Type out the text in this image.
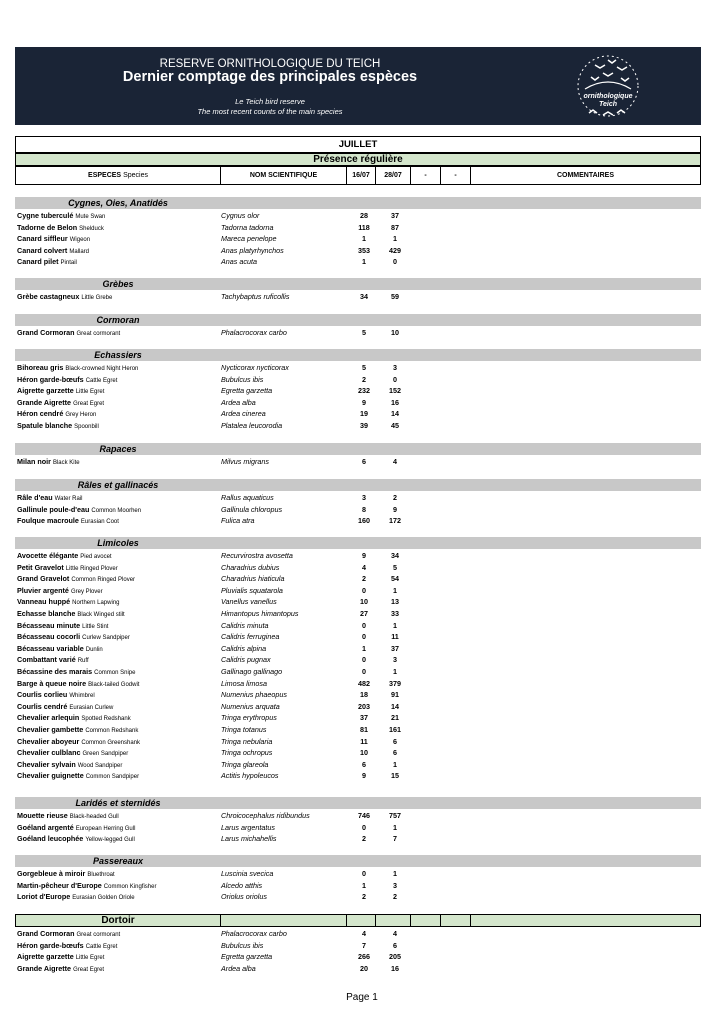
RESERVE ORNITHOLOGIQUE DU TEICH
Dernier comptage des principales espèces
Le Teich bird reserve
The most recent counts of the main species
ornithologique
Teich
JUILLET
Présence régulière
ESPECES Species	NOM SCIENTIFIQUE	16/07	28/07	-	-	COMMENTAIRES
Cygnes, Oies, Anatidés
Cygne tuberculé Mute Swan	Cygnus olor	28	37
Tadorne de Belon Shelduck	Tadorna tadorna	118	87
Canard siffleur Wigeon	Mareca penelope	1	1
Canard colvert Mallard	Anas platyrhynchos	353	429
Canard pilet Pintail	Anas acuta	1	0
Grèbes
Grèbe castagneux Little Grebe	Tachybaptus ruficollis	34	59
Cormoran
Grand Cormoran Great cormorant	Phalacrocorax carbo	5	10
Echassiers
Bihoreau gris Black-crowned Night Heron	Nycticorax nycticorax	5	3
Héron garde-bœufs Cattle Egret	Bubulcus ibis	2	0
Aigrette garzette Little Egret	Egretta garzetta	232	152
Grande Aigrette Great Egret	Ardea alba	9	16
Héron cendré Grey Heron	Ardea cinerea	19	14
Spatule blanche Spoonbill	Platalea leucorodia	39	45
Rapaces
Milan noir Black Kite	Milvus migrans	6	4
Râles et gallinacés
Râle d'eau Water Rail	Rallus aquaticus	3	2
Gallinule poule-d'eau Common Moorhen	Gallinula chloropus	8	9
Foulque macroule Eurasian Coot	Fulica atra	160	172
Limicoles
Avocette élégante Pied avocet	Recurvirostra avosetta	9	34
Petit Gravelot Little Ringed Plover	Charadrius dubius	4	5
Grand Gravelot Common Ringed Plover	Charadrius hiaticula	2	54
Pluvier argenté Grey Plover	Pluvialis squatarola	0	1
Vanneau huppé Northern Lapwing	Vanellus vanellus	10	13
Echasse blanche Black Winged stilt	Himantopus himantopus	27	33
Bécasseau minute Little Stint	Calidris minuta	0	1
Bécasseau cocorli Curlew Sandpiper	Calidris ferruginea	0	11
Bécasseau variable Dunlin	Calidris alpina	1	37
Combattant varié Ruff	Calidris pugnax	0	3
Bécassine des marais Common Snipe	Gallinago gallinago	0	1
Barge à queue noire Black-tailed Godwit	Limosa limosa	482	379
Courlis corlieu Whimbrel	Numenius phaeopus	18	91
Courlis cendré Eurasian Curlew	Numenius arquata	203	14
Chevalier arlequin Spotted Redshank	Tringa erythropus	37	21
Chevalier gambette Common Redshank	Tringa totanus	81	161
Chevalier aboyeur Common Greenshank	Tringa nebularia	11	6
Chevalier culblanc Green Sandpiper	Tringa ochropus	10	6
Chevalier sylvain Wood Sandpiper	Tringa glareola	6	1
Chevalier guignette Common Sandpiper	Actitis hypoleucos	9	15
Laridés et sternidés
Mouette rieuse Black-headed Gull	Chroicocephalus ridibundus	746	757
Goéland argenté European Herring Gull	Larus argentatus	0	1
Goéland leucophée Yellow-legged Gull	Larus michahellis	2	7
Passereaux
Gorgebleue à miroir Bluethroat	Luscinia svecica	0	1
Martin-pêcheur d'Europe Common Kingfisher	Alcedo atthis	1	3
Loriot d'Europe Eurasian Golden Oriole	Oriolus oriolus	2	2
Dortoir
Grand Cormoran Great cormorant	Phalacrocorax carbo	4	4
Héron garde-bœufs Cattle Egret	Bubulcus ibis	7	6
Aigrette garzette Little Egret	Egretta garzetta	266	205
Grande Aigrette Great Egret	Ardea alba	20	16
Page 1
